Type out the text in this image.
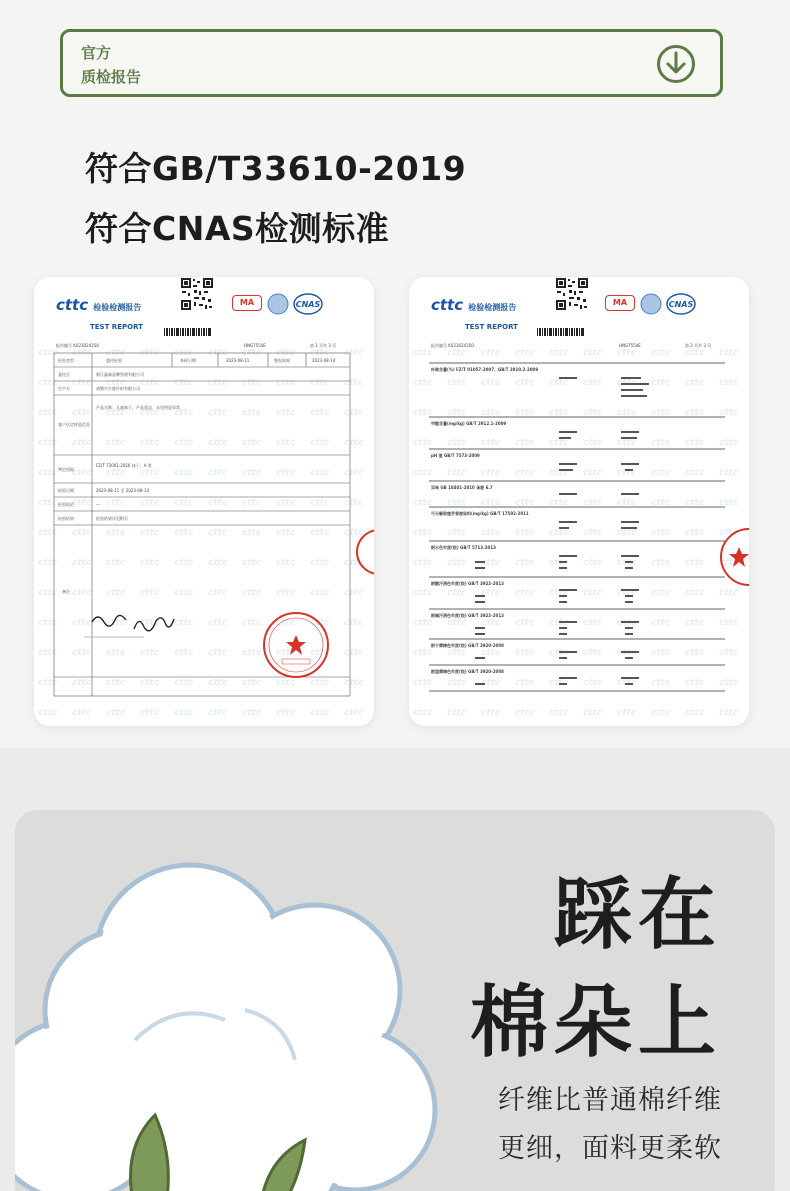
官方
质检报告
符合GB/T33610-2019
符合CNAS检测标准
cttc 检验检测报告
TEST REPORT
MA	CNAS
报告编号 K023024350	HNG7554E	第 1 页共 3 页
检验类型	委托检验	来样日期	2023-08-11	签发时间	2023-08-14
委托方	浙江鑫森品牌管理有限公司
生产方	诸暨市万庭针织有限公司
客户认定样品信息
产品名称：儿童袜子，产品状态：未见明显异常
判定依据
FZ/T 73001-2016 袜子，A 类
检验日期	2023-08-11 至 2023-08-14
检验结论	—
检验结果	检验结果详见附页
备注
cttc 检验检测报告
TEST REPORT
MA	CNAS
报告编号 K023024350	HNG7554E	第 2 页共 3 页
纤维含量(%) FZ/T 01057-2007、GB/T 2910.2-2009
甲醛含量(mg/kg) GB/T 2912.1-2009
pH 值 GB/T 7573-2009
异味 GB 18401-2010 条款 6.7
可分解致癌芳香胺染料(mg/kg) GB/T 17592-2011
耐水色牢度(级) GB/T 5713-2013
耐酸汗渍色牢度(级) GB/T 3922-2013
耐碱汗渍色牢度(级) GB/T 3922-2013
耐干摩擦色牢度(级) GB/T 3920-2008
耐湿摩擦色牢度(级) GB/T 3920-2008
踩在
棉朵上
纤维比普通棉纤维
更细，面料更柔软
